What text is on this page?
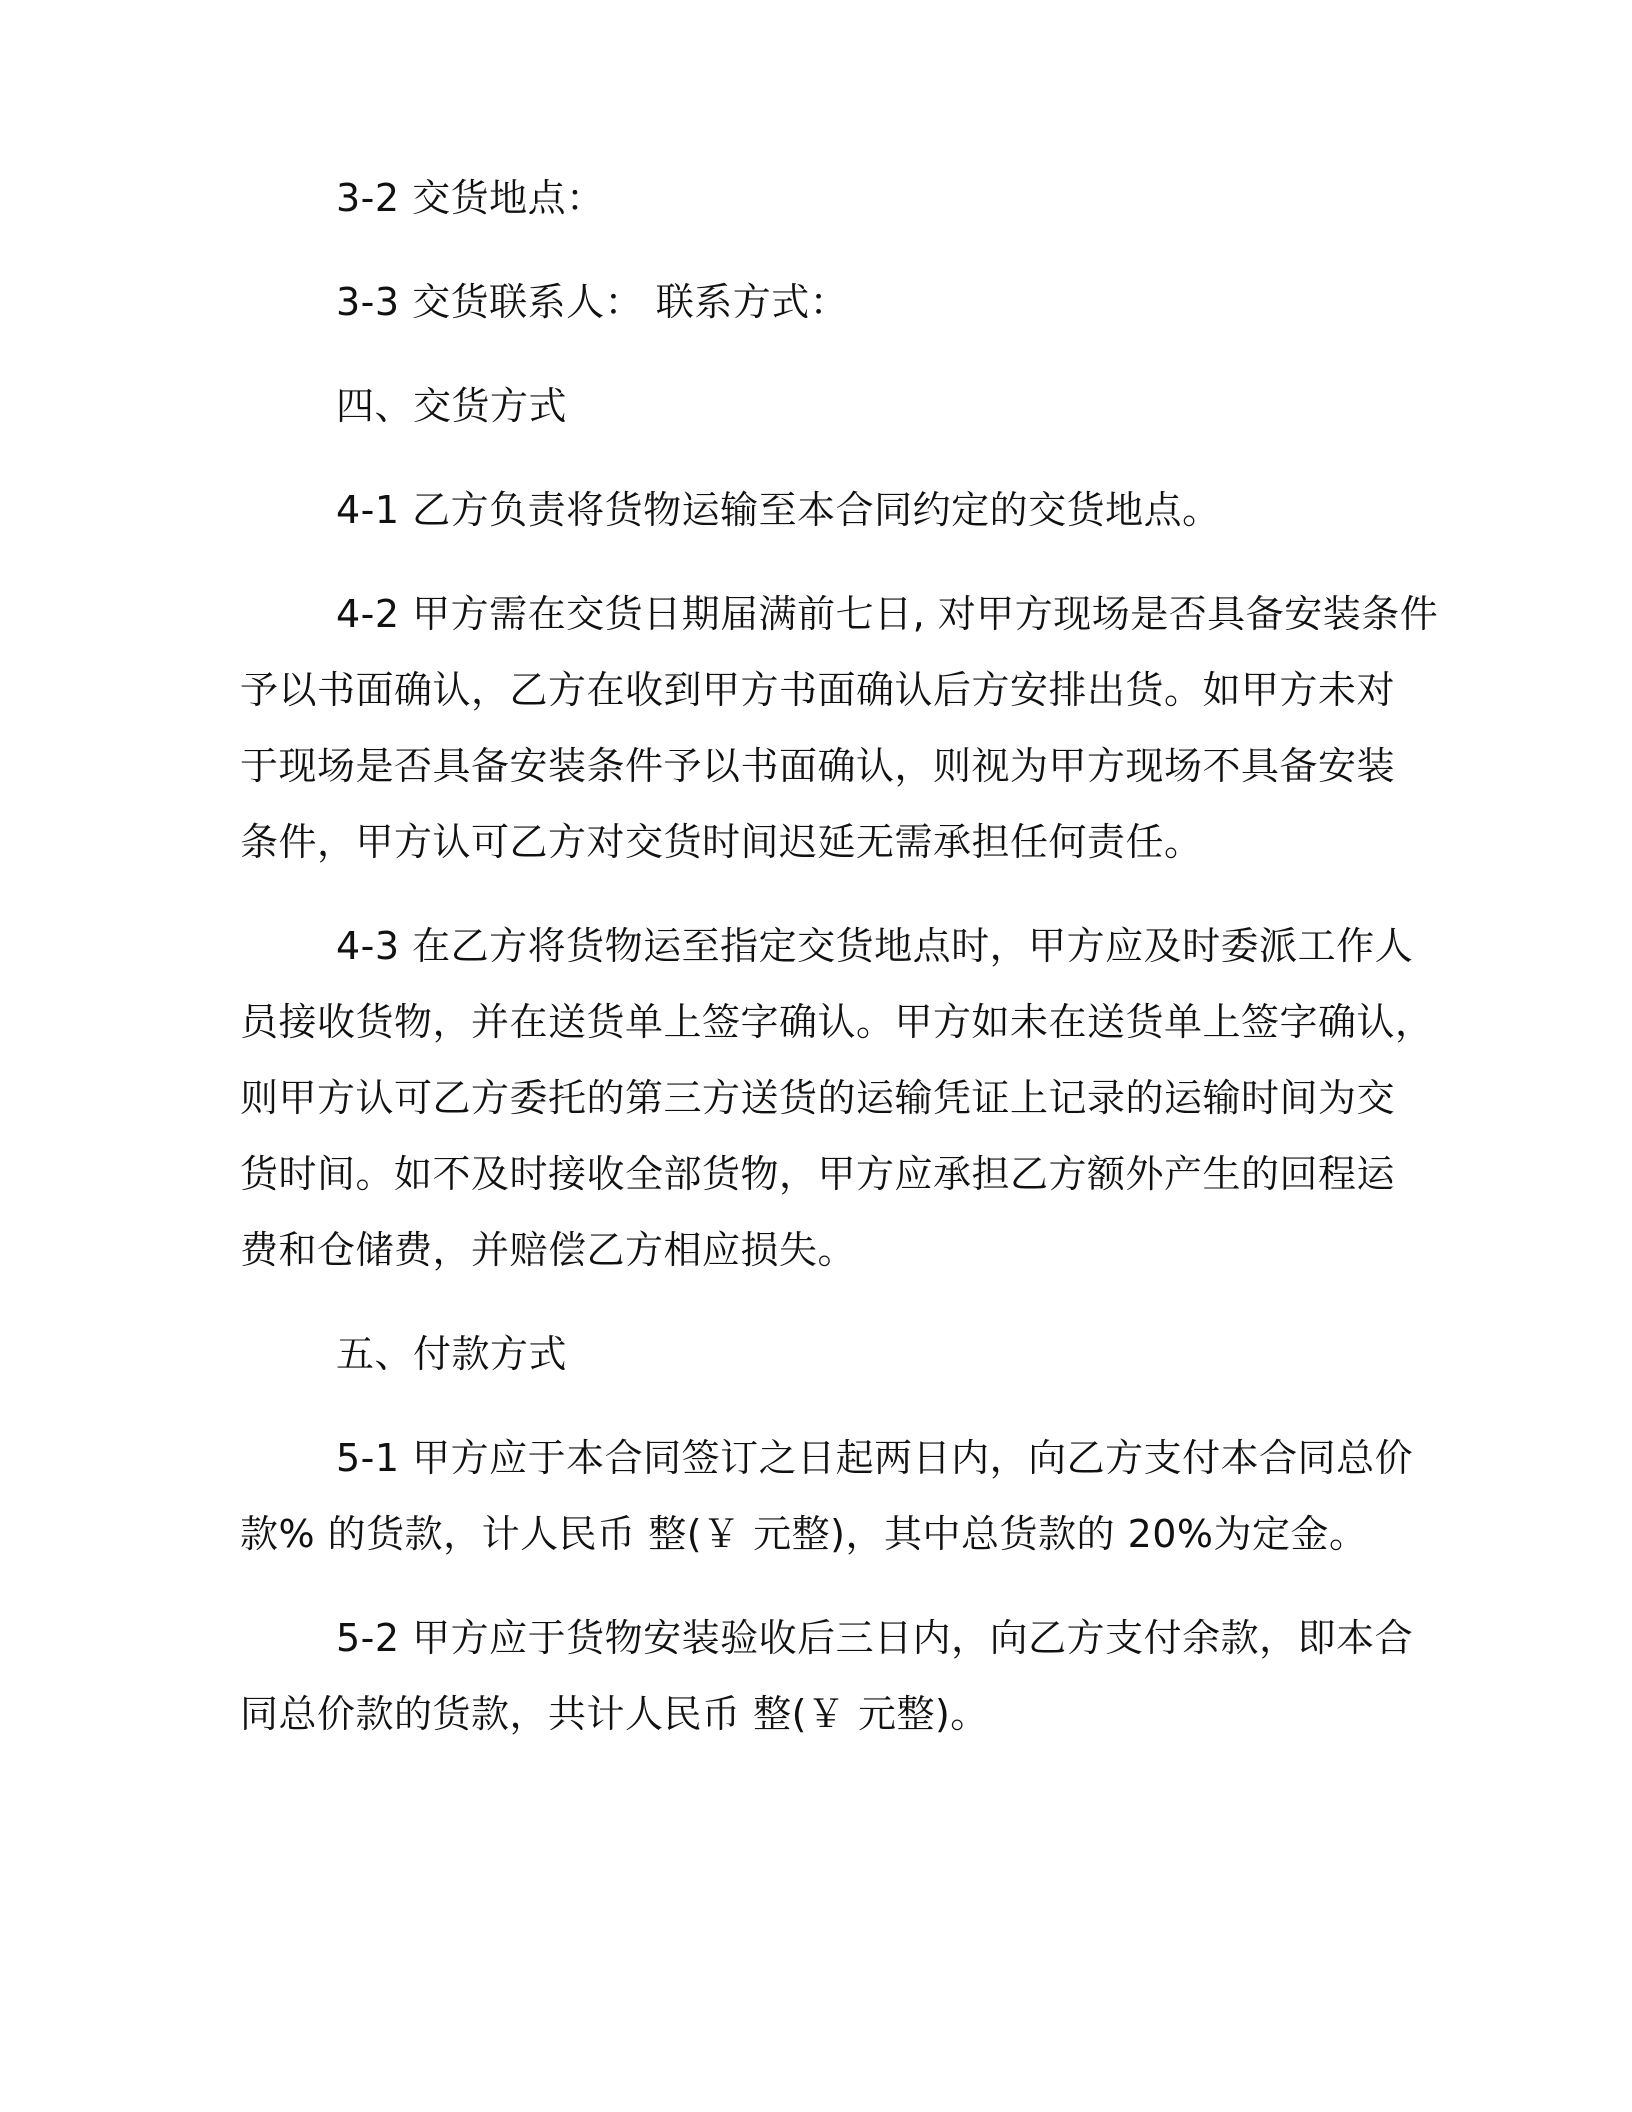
3-2 交货地点：
3-3 交货联系人： 联系方式：
四、交货方式
4-1 乙方负责将货物运输至本合同约定的交货地点。
4-2 甲方需在交货日期届满前七日, 对甲方现场是否具备安装条件
予以书面确认，乙方在收到甲方书面确认后方安排出货。如甲方未对
于现场是否具备安装条件予以书面确认，则视为甲方现场不具备安装
条件，甲方认可乙方对交货时间迟延无需承担任何责任。
4-3 在乙方将货物运至指定交货地点时，甲方应及时委派工作人
员接收货物，并在送货单上签字确认。甲方如未在送货单上签字确认，
则甲方认可乙方委托的第三方送货的运输凭证上记录的运输时间为交
货时间。如不及时接收全部货物，甲方应承担乙方额外产生的回程运
费和仓储费，并赔偿乙方相应损失。
五、付款方式
5-1 甲方应于本合同签订之日起两日内，向乙方支付本合同总价
款% 的货款，计人民币 整(￥ 元整)，其中总货款的 20%为定金。
5-2 甲方应于货物安装验收后三日内，向乙方支付余款，即本合
同总价款的货款，共计人民币 整(￥ 元整)。
